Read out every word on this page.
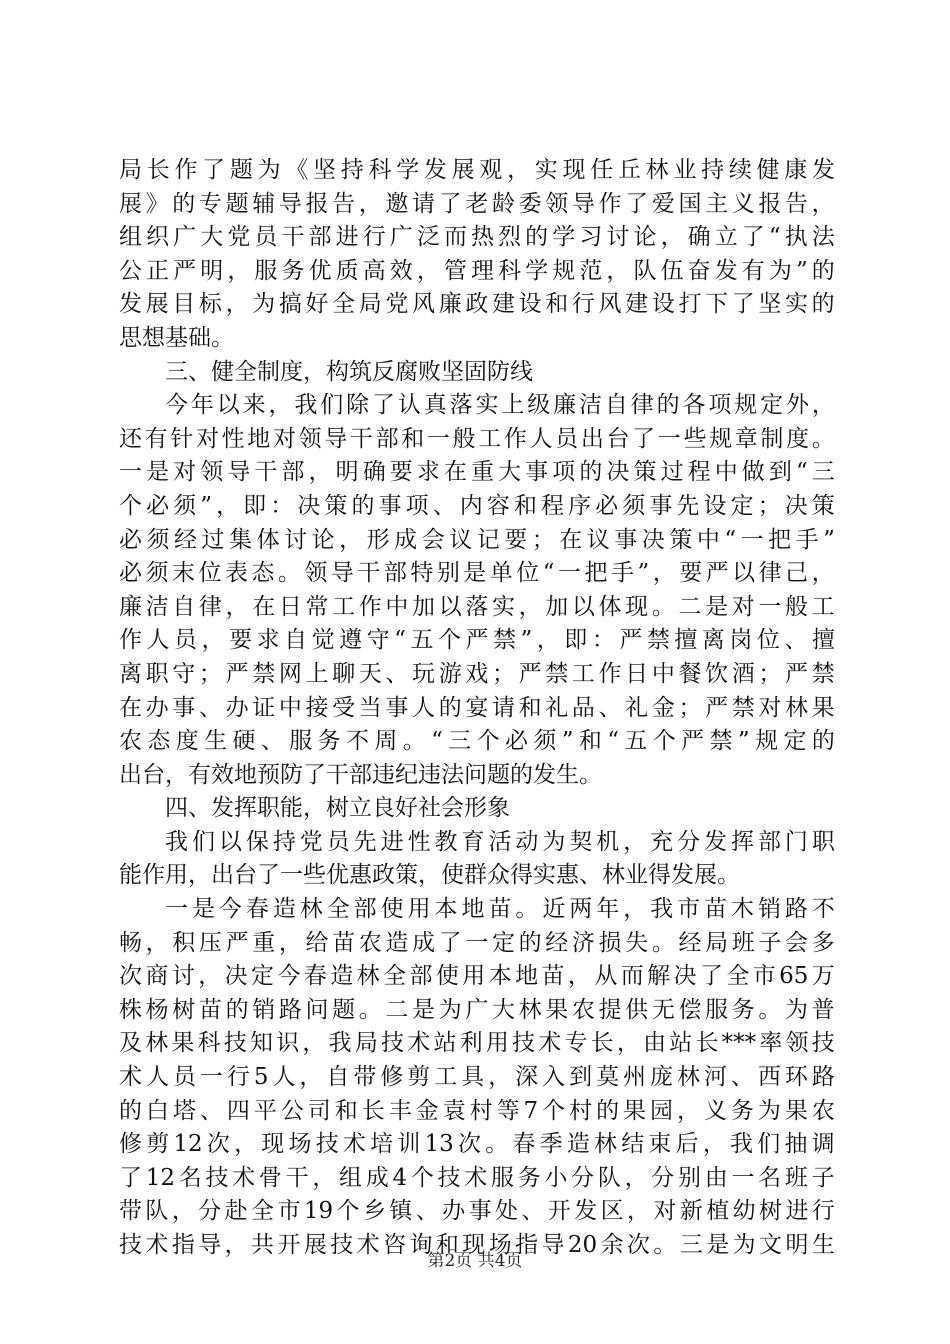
局 长 作 了 题 为 《 坚 持 科 学 发 展 观 ， 实 现 任 丘 林 业 持 续 健 康 发
展 》 的 专 题 辅 导 报 告 ， 邀 请 了 老 龄 委 领 导 作 了 爱 国 主 义 报 告 ，
组 织 广 大 党 员 干 部 进 行 广 泛 而 热 烈 的 学 习 讨 论 ， 确 立 了 “ 执 法
公 正 严 明 ， 服 务 优 质 高 效 ， 管 理 科 学 规 范 ， 队 伍 奋 发 有 为 ” 的
发 展 目 标 ， 为 搞 好 全 局 党 风 廉 政 建 设 和 行 风 建 设 打 下 了 坚 实 的
思想基础。
三、健全制度，构筑反腐败坚固防线
今 年 以 来 ， 我 们 除 了 认 真 落 实 上 级 廉 洁 自 律 的 各 项 规 定 外 ，
还 有 针 对 性 地 对 领 导 干 部 和 一 般 工 作 人 员 出 台 了 一 些 规 章 制 度 。
一 是 对 领 导 干 部 ， 明 确 要 求 在 重 大 事 项 的 决 策 过 程 中 做 到 “ 三
个 必 须 ” ， 即 ： 决 策 的 事 项 、 内 容 和 程 序 必 须 事 先 设 定 ； 决 策
必 须 经 过 集 体 讨 论 ， 形 成 会 议 记 要 ； 在 议 事 决 策 中 “ 一 把 手 ”
必 须 末 位 表 态 。 领 导 干 部 特 别 是 单 位 “ 一 把 手 ” ， 要 严 以 律 己 ，
廉 洁 自 律 ， 在 日 常 工 作 中 加 以 落 实 ， 加 以 体 现 。 二 是 对 一 般 工
作 人 员 ， 要 求 自 觉 遵 守 “ 五 个 严 禁 ” ， 即 ： 严 禁 擅 离 岗 位 、 擅
离 职 守 ； 严 禁 网 上 聊 天 、 玩 游 戏 ； 严 禁 工 作 日 中 餐 饮 酒 ； 严 禁
在 办 事 、 办 证 中 接 受 当 事 人 的 宴 请 和 礼 品 、 礼 金 ； 严 禁 对 林 果
农 态 度 生 硬 、 服 务 不 周 。 “ 三 个 必 须 ” 和 “ 五 个 严 禁 ” 规 定 的
出台，有效地预防了干部违纪违法问题的发生。
四、发挥职能，树立良好社会形象
我 们 以 保 持 党 员 先 进 性 教 育 活 动 为 契 机 ， 充 分 发 挥 部 门 职
能作用，出台了一些优惠政策，使群众得实惠、林业得发展。
一 是 今 春 造 林 全 部 使 用 本 地 苗 。 近 两 年 ， 我 市 苗 木 销 路 不
畅 ， 积 压 严 重 ， 给 苗 农 造 成 了 一 定 的 经 济 损 失 。 经 局 班 子 会 多
次 商 讨 ， 决 定 今 春 造 林 全 部 使 用 本 地 苗 ， 从 而 解 决 了 全 市 65 万
株 杨 树 苗 的 销 路 问 题 。 二 是 为 广 大 林 果 农 提 供 无 偿 服 务 。 为 普
及 林 果 科 技 知 识 ， 我 局 技 术 站 利 用 技 术 专 长 ， 由 站 长 *** 率 领 技
术 人 员 一 行 5 人 ， 自 带 修 剪 工 具 ， 深 入 到 莫 州 庞 林 河 、 西 环 路
的 白 塔 、 四 平 公 司 和 长 丰 金 袁 村 等 7 个 村 的 果 园 ， 义 务 为 果 农
修 剪 12 次 ， 现 场 技 术 培 训 13 次 。 春 季 造 林 结 束 后 ， 我 们 抽 调
了 12 名 技 术 骨 干 ， 组 成 4 个 技 术 服 务 小 分 队 ， 分 别 由 一 名 班 子
带 队 ， 分 赴 全 市 19 个 乡 镇 、 办 事 处 、 开 发 区 ， 对 新 植 幼 树 进 行
技 术 指 导 ， 共 开 展 技 术 咨 询 和 现 场 指 导 20 余 次 。 三 是 为 文 明 生
第2页 共4页
